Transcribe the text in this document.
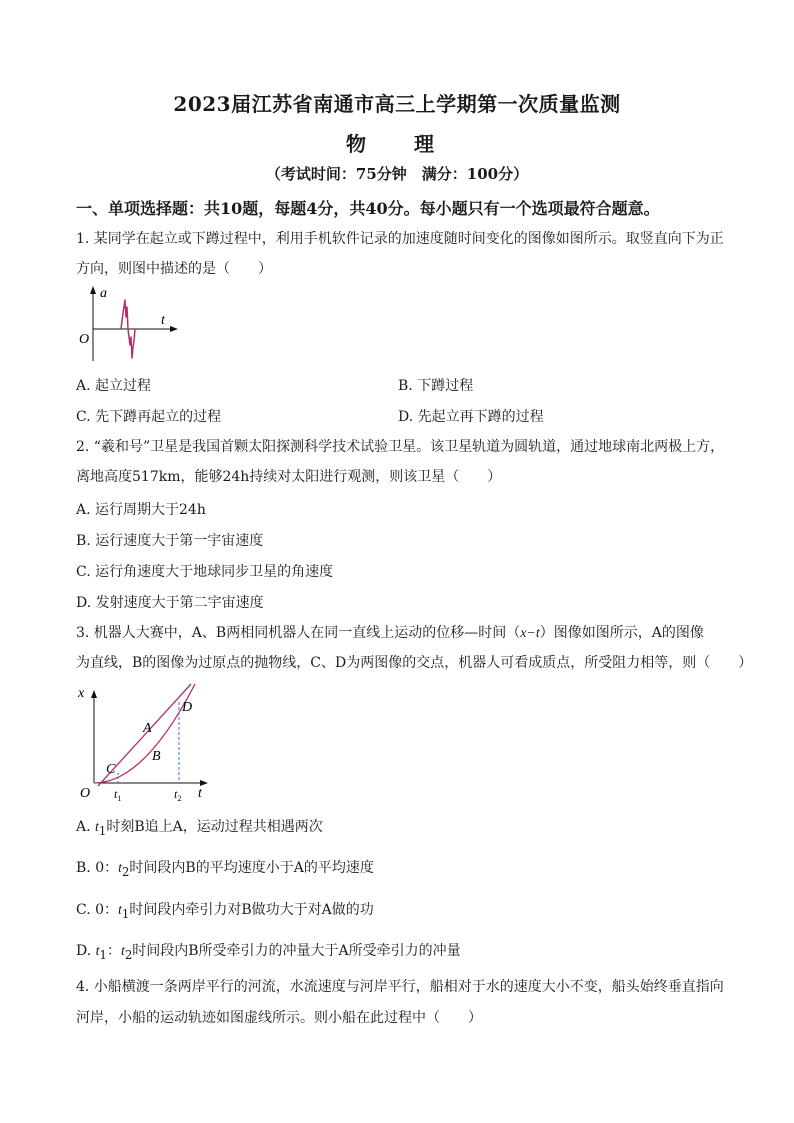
2023届江苏省南通市高三上学期第一次质量监测
物　理
（考试时间：75分钟　满分：100分）
一、单项选择题：共10题，每题4分，共40分。每小题只有一个选项最符合题意。
1. 某同学在起立或下蹲过程中，利用手机软件记录的加速度随时间变化的图像如图所示。取竖直向下为正
方向，则图中描述的是（　　）
a
t
O
A. 起立过程	B. 下蹲过程
C. 先下蹲再起立的过程	D. 先起立再下蹲的过程
2. “羲和号”卫星是我国首颗太阳探测科学技术试验卫星。该卫星轨道为圆轨道，通过地球南北两极上方，
离地高度517km，能够24h持续对太阳进行观测，则该卫星（　　）
A. 运行周期大于24h
B. 运行速度大于第一宇宙速度
C. 运行角速度大于地球同步卫星的角速度
D. 发射速度大于第二宇宙速度
3. 机器人大赛中，A、B两相同机器人在同一直线上运动的位移—时间（x−t）图像如图所示，A的图像
为直线，B的图像为过原点的抛物线，C、D为两图像的交点，机器人可看成质点，所受阻力相等，则（　　）
x
t
O
C
D
A
B
$t_1$	$t_2$
A. $t_1$时刻B追上A，运动过程共相遇两次
B. 0：$t_2$时间段内B的平均速度小于A的平均速度
C. 0：$t_1$时间段内牵引力对B做功大于对A做的功
D. $t_1$：$t_2$时间段内B所受牵引力的冲量大于A所受牵引力的冲量
4. 小船横渡一条两岸平行的河流，水流速度与河岸平行，船相对于水的速度大小不变，船头始终垂直指向
河岸，小船的运动轨迹如图虚线所示。则小船在此过程中（　　）
